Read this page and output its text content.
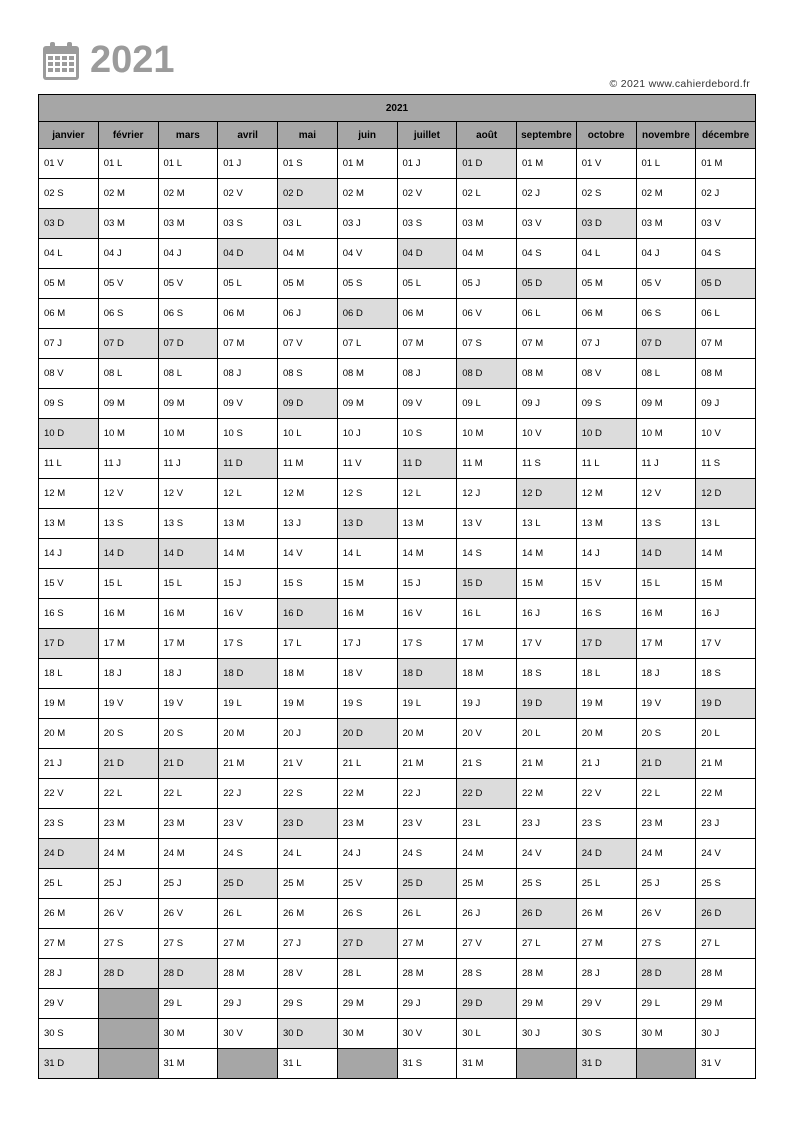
2021
© 2021 www.cahierdebord.fr
2021											
janvier	février	mars	avril	mai	juin	juillet	août	septembre	octobre	novembre	décembre
01 V	01 L	01 L	01 J	01 S	01 M	01 J	01 D	01 M	01 V	01 L	01 M
02 S	02 M	02 M	02 V	02 D	02 M	02 V	02 L	02 J	02 S	02 M	02 J
03 D	03 M	03 M	03 S	03 L	03 J	03 S	03 M	03 V	03 D	03 M	03 V
04 L	04 J	04 J	04 D	04 M	04 V	04 D	04 M	04 S	04 L	04 J	04 S
05 M	05 V	05 V	05 L	05 M	05 S	05 L	05 J	05 D	05 M	05 V	05 D
06 M	06 S	06 S	06 M	06 J	06 D	06 M	06 V	06 L	06 M	06 S	06 L
07 J	07 D	07 D	07 M	07 V	07 L	07 M	07 S	07 M	07 J	07 D	07 M
08 V	08 L	08 L	08 J	08 S	08 M	08 J	08 D	08 M	08 V	08 L	08 M
09 S	09 M	09 M	09 V	09 D	09 M	09 V	09 L	09 J	09 S	09 M	09 J
10 D	10 M	10 M	10 S	10 L	10 J	10 S	10 M	10 V	10 D	10 M	10 V
11 L	11 J	11 J	11 D	11 M	11 V	11 D	11 M	11 S	11 L	11 J	11 S
12 M	12 V	12 V	12 L	12 M	12 S	12 L	12 J	12 D	12 M	12 V	12 D
13 M	13 S	13 S	13 M	13 J	13 D	13 M	13 V	13 L	13 M	13 S	13 L
14 J	14 D	14 D	14 M	14 V	14 L	14 M	14 S	14 M	14 J	14 D	14 M
15 V	15 L	15 L	15 J	15 S	15 M	15 J	15 D	15 M	15 V	15 L	15 M
16 S	16 M	16 M	16 V	16 D	16 M	16 V	16 L	16 J	16 S	16 M	16 J
17 D	17 M	17 M	17 S	17 L	17 J	17 S	17 M	17 V	17 D	17 M	17 V
18 L	18 J	18 J	18 D	18 M	18 V	18 D	18 M	18 S	18 L	18 J	18 S
19 M	19 V	19 V	19 L	19 M	19 S	19 L	19 J	19 D	19 M	19 V	19 D
20 M	20 S	20 S	20 M	20 J	20 D	20 M	20 V	20 L	20 M	20 S	20 L
21 J	21 D	21 D	21 M	21 V	21 L	21 M	21 S	21 M	21 J	21 D	21 M
22 V	22 L	22 L	22 J	22 S	22 M	22 J	22 D	22 M	22 V	22 L	22 M
23 S	23 M	23 M	23 V	23 D	23 M	23 V	23 L	23 J	23 S	23 M	23 J
24 D	24 M	24 M	24 S	24 L	24 J	24 S	24 M	24 V	24 D	24 M	24 V
25 L	25 J	25 J	25 D	25 M	25 V	25 D	25 M	25 S	25 L	25 J	25 S
26 M	26 V	26 V	26 L	26 M	26 S	26 L	26 J	26 D	26 M	26 V	26 D
27 M	27 S	27 S	27 M	27 J	27 D	27 M	27 V	27 L	27 M	27 S	27 L
28 J	28 D	28 D	28 M	28 V	28 L	28 M	28 S	28 M	28 J	28 D	28 M
29 V		29 L	29 J	29 S	29 M	29 J	29 D	29 M	29 V	29 L	29 M
30 S		30 M	30 V	30 D	30 M	30 V	30 L	30 J	30 S	30 M	30 J
31 D		31 M		31 L		31 S	31 M		31 D		31 V
